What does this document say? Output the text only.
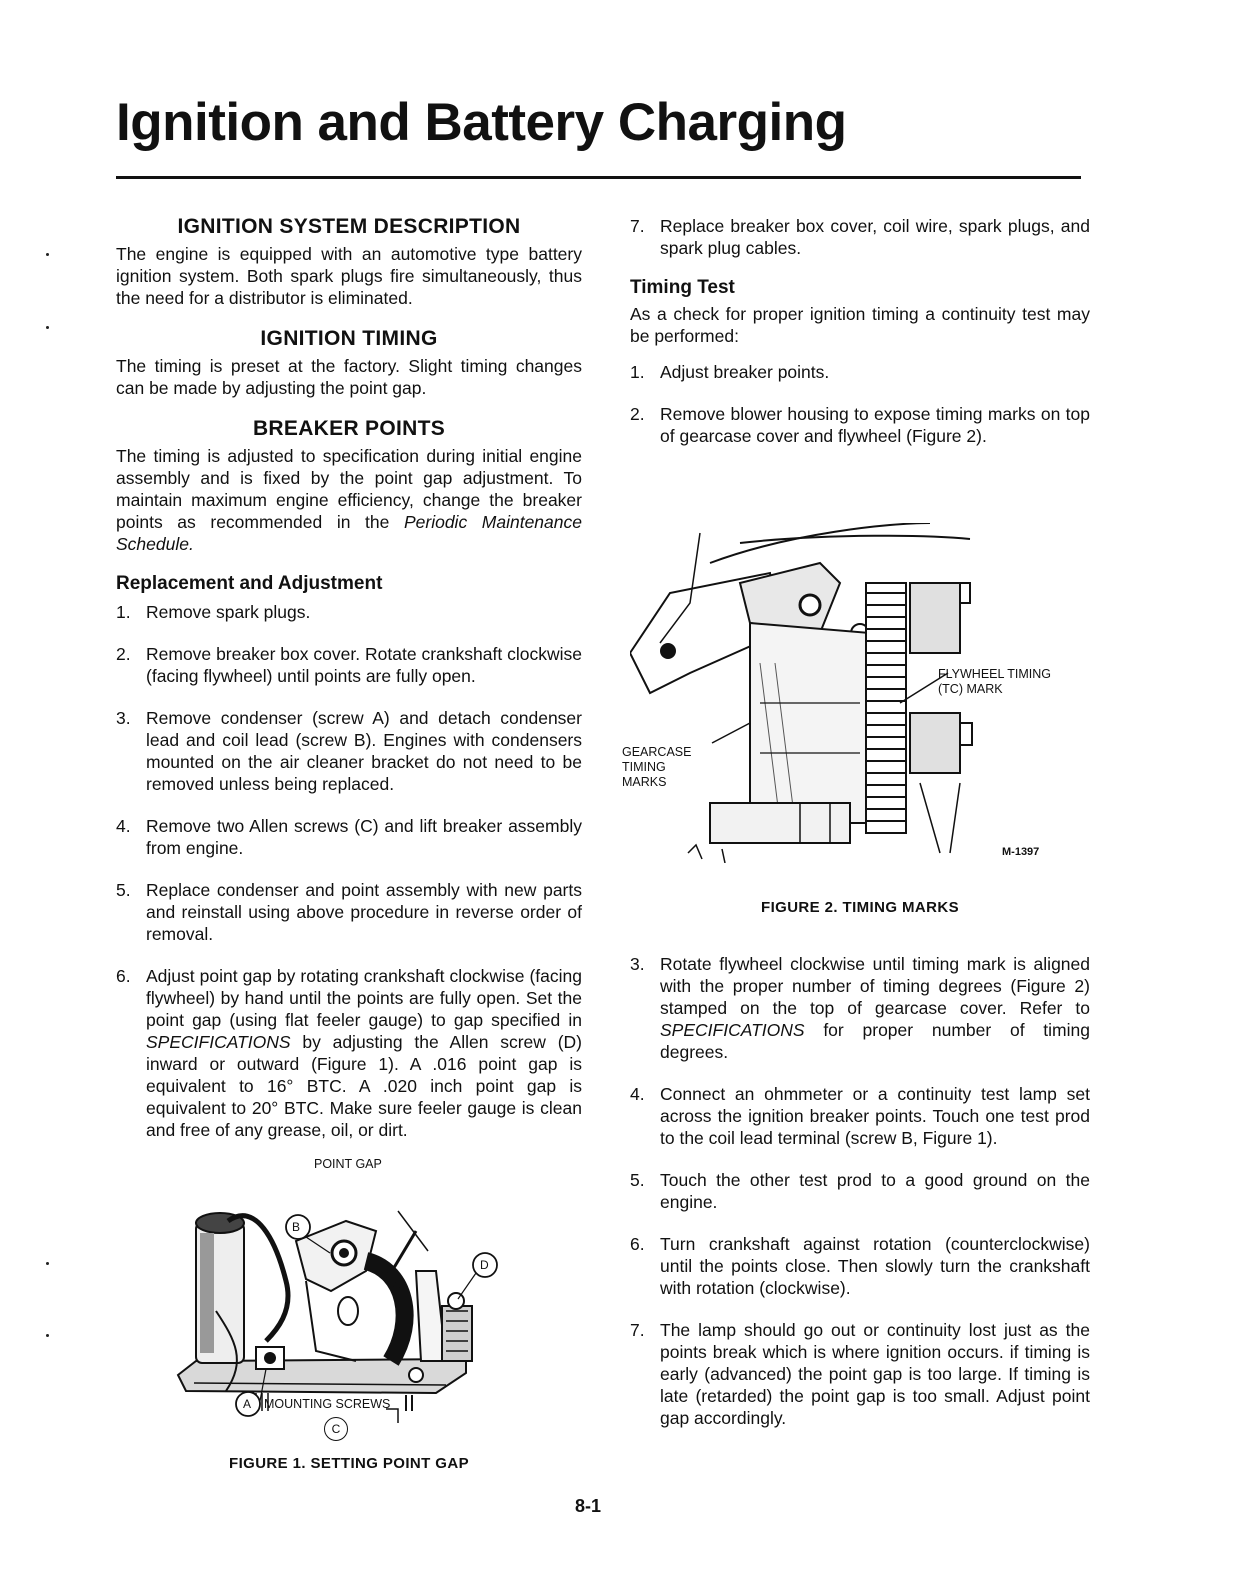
Ignition and Battery Charging
IGNITION SYSTEM DESCRIPTION

The engine is equipped with an automotive type battery ignition system. Both spark plugs fire simultaneously, thus the need for a distributor is eliminated.

IGNITION TIMING

The timing is preset at the factory. Slight timing changes can be made by adjusting the point gap.

BREAKER POINTS

The timing is adjusted to specification during initial engine assembly and is fixed by the point gap adjustment. To maintain maximum engine efficiency, change the breaker points as recommended in the Periodic Maintenance Schedule.

Replacement and Adjustment
1. Remove spark plugs.
2. Remove breaker box cover. Rotate crankshaft clockwise (facing flywheel) until points are fully open.
3. Remove condenser (screw A) and detach condenser lead and coil lead (screw B). Engines with condensers mounted on the air cleaner bracket do not need to be removed unless being replaced.
4. Remove two Allen screws (C) and lift breaker assembly from engine.
5. Replace condenser and point assembly with new parts and reinstall using above procedure in reverse order of removal.
6. Adjust point gap by rotating crankshaft clockwise (facing flywheel) by hand until the points are fully open. Set the point gap (using flat feeler gauge) to gap specified in SPECIFICATIONS by adjusting the Allen screw (D) inward or outward (Figure 1). A .016 point gap is equivalent to 16° BTC. A .020 inch point gap is equivalent to 20° BTC. Make sure feeler gauge is clean and free of any grease, oil, or dirt.
POINT GAP
B
D
A MOUNTING SCREWS
C
FIGURE 1. SETTING POINT GAP
7. Replace breaker box cover, coil wire, spark plugs, and spark plug cables.
Timing Test

As a check for proper ignition timing a continuity test may be performed:

1. Adjust breaker points.
2. Remove blower housing to expose timing marks on top of gearcase cover and flywheel (Figure 2).
FLYWHEEL TIMING
(TC) MARK
GEARCASE
TIMING
MARKS
M-1397
FIGURE 2. TIMING MARKS
3. Rotate flywheel clockwise until timing mark is aligned with the proper number of timing degrees (Figure 2) stamped on the top of gearcase cover. Refer to SPECIFICATIONS for proper number of timing degrees.
4. Connect an ohmmeter or a continuity test lamp set across the ignition breaker points. Touch one test prod to the coil lead terminal (screw B, Figure 1).
5. Touch the other test prod to a good ground on the engine.
6. Turn crankshaft against rotation (counterclockwise) until the points close. Then slowly turn the crankshaft with rotation (clockwise).
7. The lamp should go out or continuity lost just as the points break which is where ignition occurs. if timing is early (advanced) the point gap is too large. If timing is late (retarded) the point gap is too small. Adjust point gap accordingly.
8-1
